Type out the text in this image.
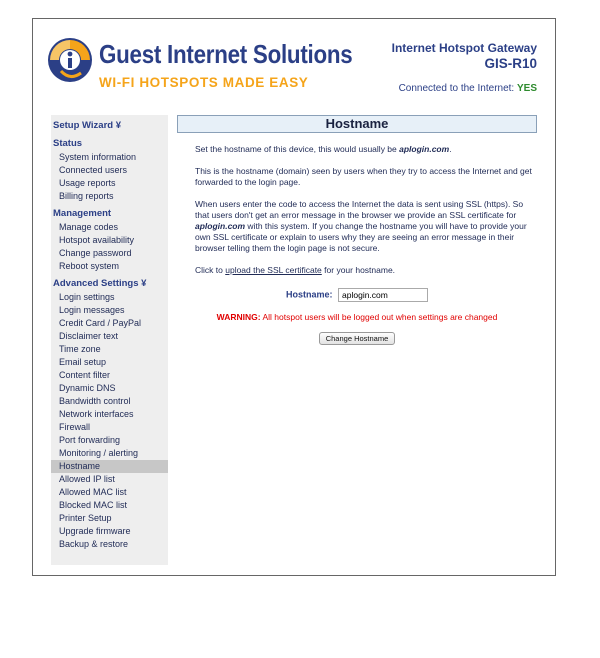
Guest Internet Solutions
WI-FI HOTSPOTS MADE EASY
Internet Hotspot Gateway
GIS-R10
Connected to the Internet: YES
Setup Wizard ¥
Status
System information
Connected users
Usage reports
Billing reports
Management
Manage codes
Hotspot availability
Change password
Reboot system
Advanced Settings ¥
Login settings
Login messages
Credit Card / PayPal
Disclaimer text
Time zone
Email setup
Content filter
Dynamic DNS
Bandwidth control
Network interfaces
Firewall
Port forwarding
Monitoring / alerting
Hostname
Allowed IP list
Allowed MAC list
Blocked MAC list
Printer Setup
Upgrade firmware
Backup & restore
Hostname

Set the hostname of this device, this would usually be aplogin.com.

This is the hostname (domain) seen by users when they try to access the Internet and get forwarded to the login page.

When users enter the code to access the Internet the data is sent using SSL (https). So that users don't get an error message in the browser we provide an SSL certificate for aplogin.com with this system. If you change the hostname you will have to provide your own SSL certificate or explain to users why they are seeing an error message in their browser telling them the login page is not secure.

Click to upload the SSL certificate for your hostname.

Hostname: aplogin.com
WARNING: All hotspot users will be logged out when settings are changed
Change Hostname
